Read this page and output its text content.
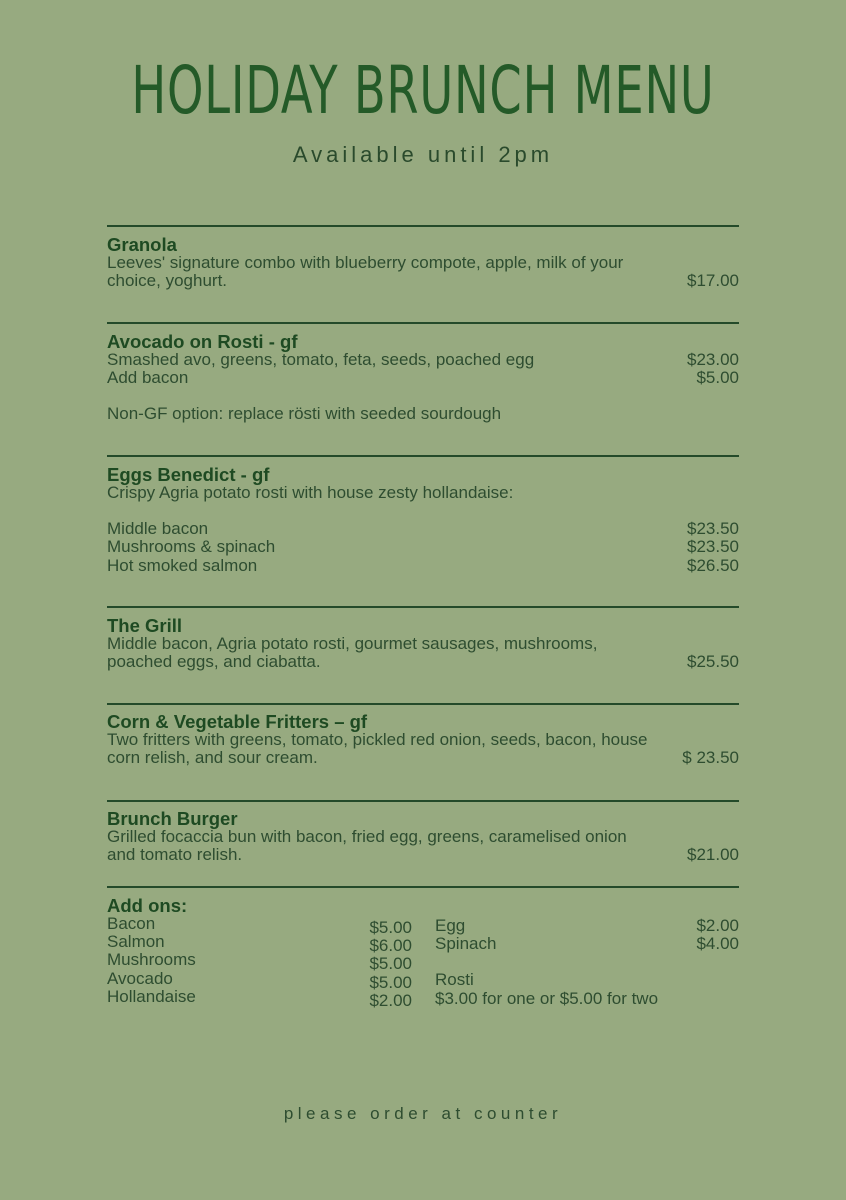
HOLIDAY BRUNCH MENU
Available until 2pm
Granola
Leeves' signature combo with blueberry compote, apple, milk of your
choice, yoghurt.	$17.00
Avocado on Rosti - gf
Smashed avo, greens, tomato, feta, seeds, poached egg	$23.00
Add bacon	$5.00
Non-GF option: replace rösti with seeded sourdough
Eggs Benedict - gf
Crispy Agria potato rosti with house zesty hollandaise:
Middle bacon	$23.50
Mushrooms & spinach	$23.50
Hot smoked salmon	$26.50
The Grill
Middle bacon, Agria potato rosti, gourmet sausages, mushrooms,
poached eggs, and ciabatta.	$25.50
Corn & Vegetable Fritters – gf
Two fritters with greens, tomato, pickled red onion, seeds, bacon, house
corn relish, and sour cream.	$ 23.50
Brunch Burger
Grilled focaccia bun with bacon, fried egg, greens, caramelised onion
and tomato relish.	$21.00
Add ons:
Bacon	$5.00
Salmon	$6.00
Mushrooms	$5.00
Avocado	$5.00
Hollandaise	$2.00
Egg	$2.00
Spinach	$4.00
Rosti
$3.00 for one or $5.00 for two
please order at counter
